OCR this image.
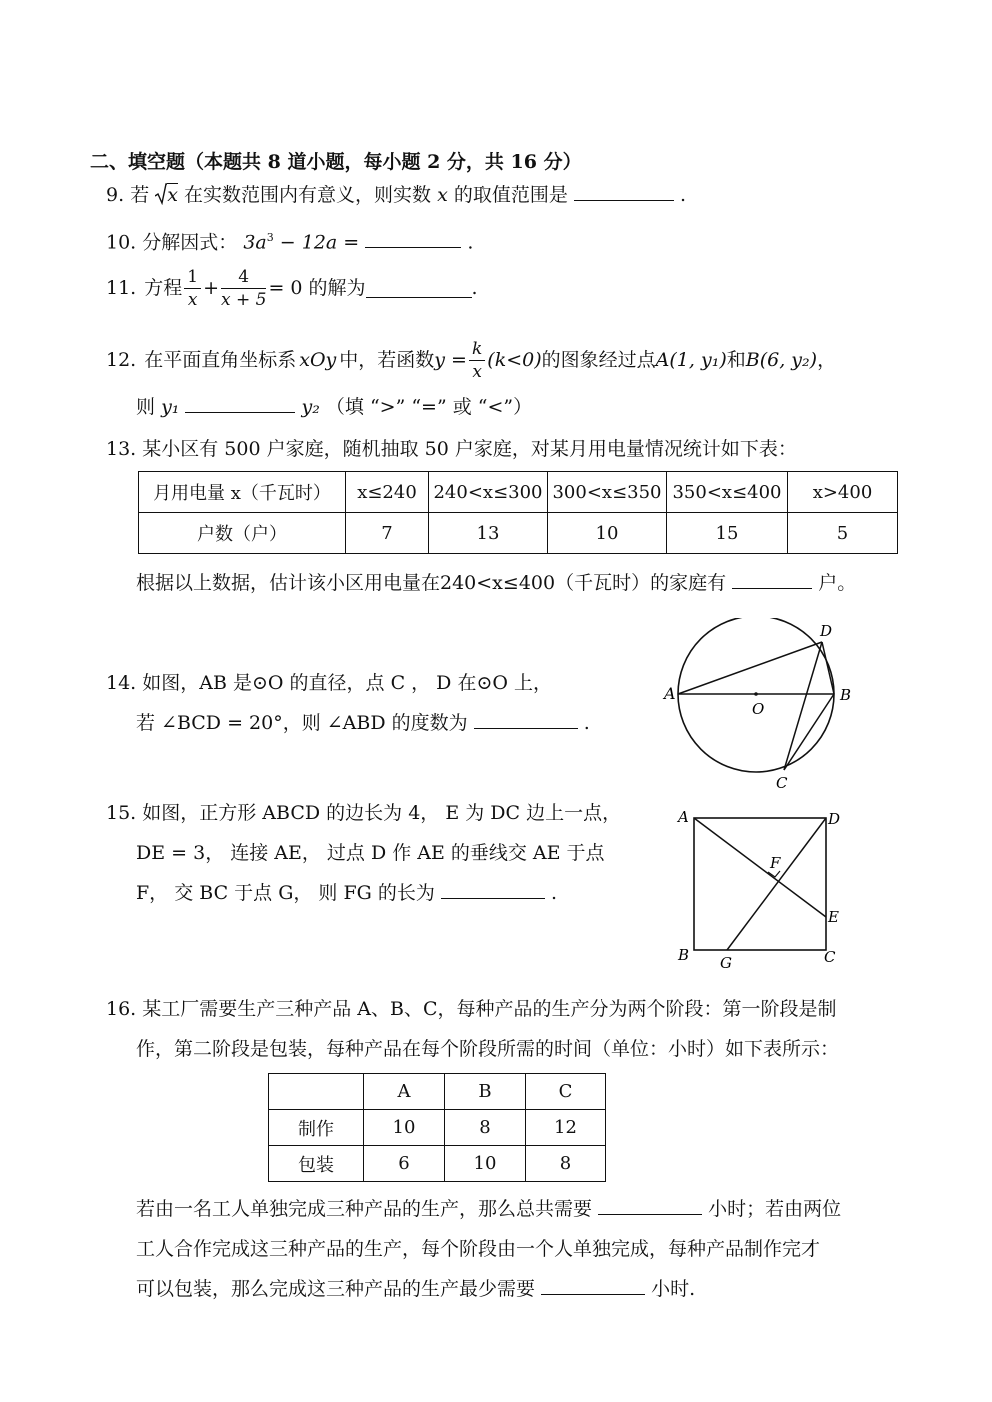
二、填空题（本题共 8 道小题，每小题 2 分，共 16 分）
9. 若 x 在实数范围内有意义，则实数 x 的取值范围是	.
10. 分解因式： $3a^3 - 12a$ =	.
11. 方程 $\frac{1}{x} + \frac{4}{x + 5} = 0$ 的解为	.
12. 在平面直角坐标系 xOy 中，若函数 $y = \frac{k}{x} (k<0)$ 的图象经过点 A(1, y₁) 和 B(6, y₂) ，
则 y₁	y₂ （填 “>” “=” 或 “<”）
13. 某小区有 500 户家庭，随机抽取 50 户家庭，对某月用电量情况统计如下表：
月用电量 x（千瓦时）	x≤240	240<x≤300	300<x≤350	350<x≤400	x>400
户数（户）	7	13	10	15	5
根据以上数据，估计该小区用电量在240<x≤400（千瓦时）的家庭有	户。
14. 如图，AB 是⊙O 的直径，点 C ， D 在⊙O 上，
若 ∠BCD = 20°，则 ∠ABD 的度数为	.
A	B
C
D
O
15. 如图，正方形 ABCD 的边长为 4， E 为 DC 边上一点，
DE = 3， 连接 AE， 过点 D 作 AE 的垂线交 AE 于点
F， 交 BC 于点 G， 则 FG 的长为	.
A
B	C
D
E
F
G
16. 某工厂需要生产三种产品 A、B、C，每种产品的生产分为两个阶段：第一阶段是制
作，第二阶段是包装，每种产品在每个阶段所需的时间（单位：小时）如下表所示：
	A	B	C
制作	10	8	12
包装	6	10	8
若由一名工人单独完成三种产品的生产，那么总共需要	小时；若由两位
工人合作完成这三种产品的生产，每个阶段由一个人单独完成，每种产品制作完才
可以包装，那么完成这三种产品的生产最少需要	小时.
